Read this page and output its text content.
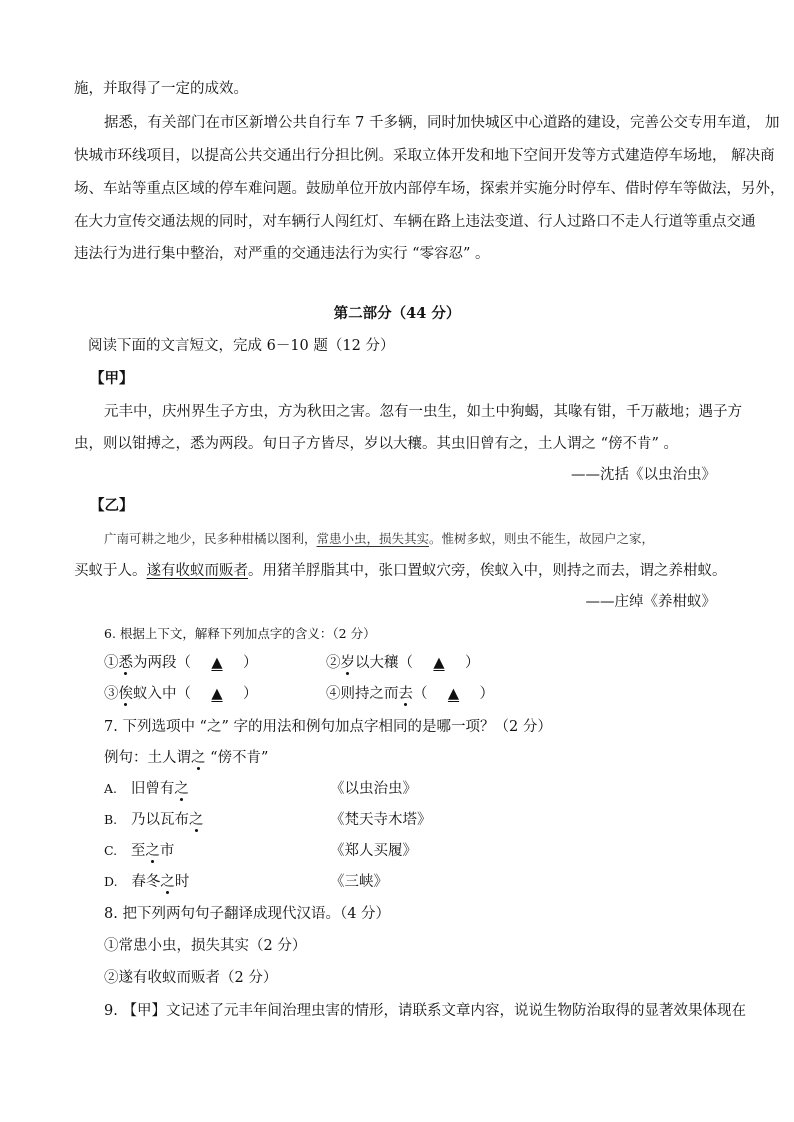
施，并取得了一定的成效。
据悉，有关部门在市区新增公共自行车 7 千多辆，同时加快城区中心道路的建设，完善公交专用车道， 加
快城市环线项目，以提高公共交通出行分担比例。采取立体开发和地下空间开发等方式建造停车场地， 解决商
场、车站等重点区域的停车难问题。鼓励单位开放内部停车场，探索并实施分时停车、借时停车等做法，另外，
在大力宣传交通法规的同时，对车辆行人闯红灯、车辆在路上违法变道、行人过路口不走人行道等重点交通
违法行为进行集中整治，对严重的交通违法行为实行 “零容忍” 。
第二部分（44 分）
阅读下面的文言短文，完成 6－10 题（12 分）
【甲】
元丰中，庆州界生子方虫，方为秋田之害。忽有一虫生，如土中狗蝎，其喙有钳，千万蔽地；遇子方
虫，则以钳搏之，悉为两段。旬日子方皆尽，岁以大穰。其虫旧曾有之，土人谓之 “傍不肯” 。
——沈括《以虫治虫》
【乙】
广南可耕之地少，民多种柑橘以图利，常患小虫，损失其实。惟树多蚁，则虫不能生，故园户之家，
买蚁于人。遂有收蚁而贩者。用猪羊脬脂其中，张口置蚁穴旁，俟蚁入中，则持之而去，谓之养柑蚁。
——庄绰《养柑蚁》
6. 根据上下文，解释下列加点字的含义：（2 分）
①悉为两段（ ▲ ）	②岁以大穰（ ▲ ）
③俟蚁入中（ ▲ ）	④则持之而去（ ▲ ）
7. 下列选项中 “之” 字的用法和例句加点字相同的是哪一项？（2 分）
例句：土人谓之 “傍不肯”
A. 旧曾有之	《以虫治虫》
B. 乃以瓦布之	《梵天寺木塔》
C. 至之市	《郑人买履》
D. 春冬之时	《三峡》
8. 把下列两句句子翻译成现代汉语。（4 分）
①常患小虫，损失其实（2 分）
②遂有收蚁而贩者（2 分）
9. 【甲】文记述了元丰年间治理虫害的情形，请联系文章内容，说说生物防治取得的显著效果体现在
